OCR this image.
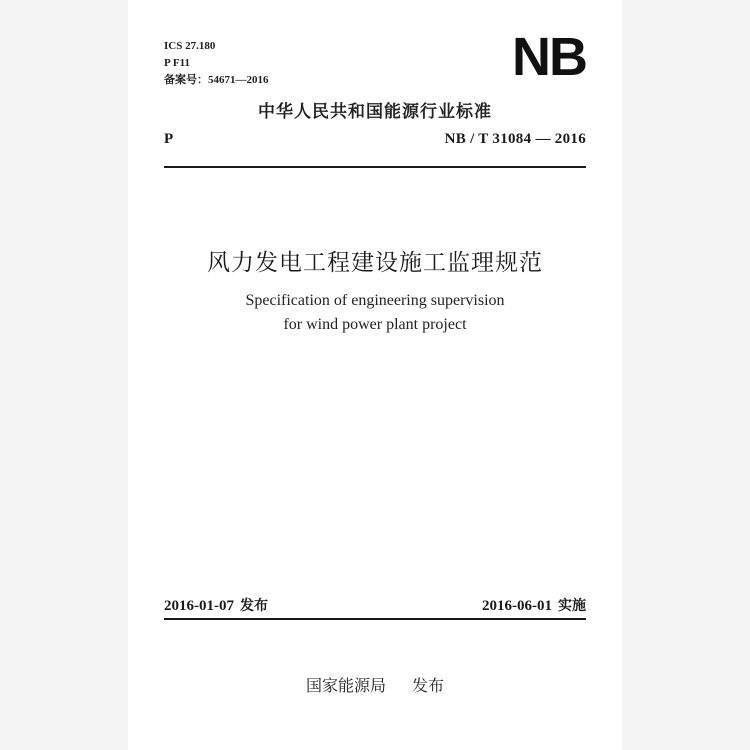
ICS 27.180
P F11
备案号：54671—2016	NB
中华人民共和国能源行业标准
P	NB / T 31084 — 2016
风力发电工程建设施工监理规范
Specification of engineering supervision
for wind power plant project
2016-01-07 发布	2016-06-01 实施
国家能源局 发布
